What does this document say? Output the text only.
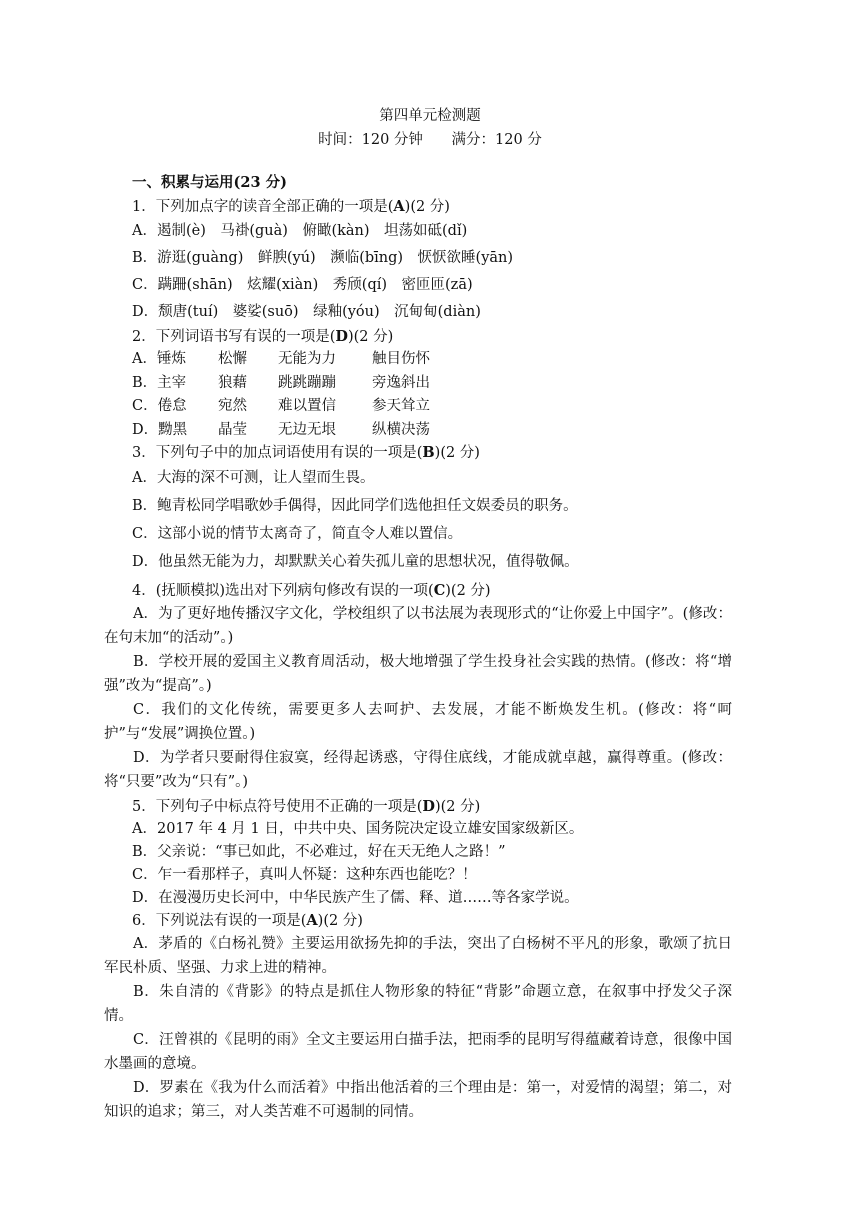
第四单元检测题
时间：120 分钟 满分：120 分
一、积累与运用(23 分)
1．下列加点字的读音全部正确的一项是(A)(2 分)
A．遏制(è)　马褂(guà)　俯瞰(kàn)　坦荡如砥(dǐ)
B．游逛(guàng)　鲜腴(yú)　濒临(bīng)　恹恹欲睡(yān)
C．蹒跚(shān)　炫耀(xiàn)　秀颀(qí)　密匝匝(zā)
D．颓唐(tuí)　婆娑(suō)　绿釉(yóu)　沉甸甸(diàn)
2．下列词语书写有误的一项是(D)(2 分)
A．锤炼 松懈 无能为力 触目伤怀
B．主宰 狼藉 跳跳蹦蹦 旁逸斜出
C．倦怠 宛然 难以置信 参天耸立
D．黝黑 晶莹 无边无垠 纵横决荡
3．下列句子中的加点词语使用有误的一项是(B)(2 分)
A．大海的深不可测，让人望而生畏。
B．鲍青松同学唱歌妙手偶得，因此同学们选他担任文娱委员的职务。
C．这部小说的情节太离奇了，简直令人难以置信。
D．他虽然无能为力，却默默关心着失孤儿童的思想状况，值得敬佩。
4．(抚顺模拟)选出对下列病句修改有误的一项(C)(2 分)
A．为了更好地传播汉字文化，学校组织了以书法展为表现形式的“让你爱上中国字”。(修改：在句末加“的活动”。)
B．学校开展的爱国主义教育周活动，极大地增强了学生投身社会实践的热情。(修改：将“增强”改为“提高”。)
C．我们的文化传统，需要更多人去呵护、去发展，才能不断焕发生机。(修改：将“呵护”与“发展”调换位置。)
D．为学者只要耐得住寂寞，经得起诱惑，守得住底线，才能成就卓越，赢得尊重。(修改：将“只要”改为“只有”。)
5．下列句子中标点符号使用不正确的一项是(D)(2 分)
A．2017 年 4 月 1 日，中共中央、国务院决定设立雄安国家级新区。
B．父亲说：“事已如此，不必难过，好在天无绝人之路！”
C．乍一看那样子，真叫人怀疑：这种东西也能吃？！
D．在漫漫历史长河中，中华民族产生了儒、释、道……等各家学说。
6．下列说法有误的一项是(A)(2 分)
A．茅盾的《白杨礼赞》主要运用欲扬先抑的手法，突出了白杨树不平凡的形象，歌颂了抗日军民朴质、坚强、力求上进的精神。
B．朱自清的《背影》的特点是抓住人物形象的特征“背影”命题立意，在叙事中抒发父子深情。
C．汪曾祺的《昆明的雨》全文主要运用白描手法，把雨季的昆明写得蕴藏着诗意，很像中国水墨画的意境。
D．罗素在《我为什么而活着》中指出他活着的三个理由是：第一，对爱情的渴望；第二，对知识的追求；第三，对人类苦难不可遏制的同情。
